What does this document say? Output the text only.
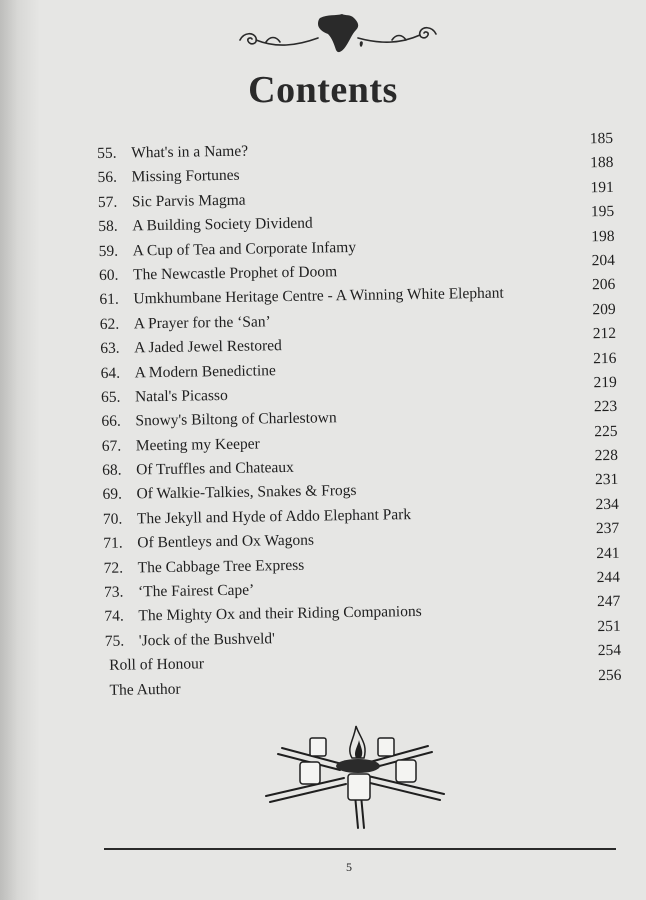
Contents
55. What's in a Name?
185
56. Missing Fortunes
188
57. Sic Parvis Magma
191
58. A Building Society Dividend
195
59. A Cup of Tea and Corporate Infamy
198
60. The Newcastle Prophet of Doom
204
61. Umkhumbane Heritage Centre - A Winning White Elephant
206
62. A Prayer for the ‘San’
209
63. A Jaded Jewel Restored
212
64. A Modern Benedictine
216
65. Natal's Picasso
219
66. Snowy's Biltong of Charlestown
223
67. Meeting my Keeper
225
68. Of Truffles and Chateaux
228
69. Of Walkie-Talkies, Snakes & Frogs
231
70. The Jekyll and Hyde of Addo Elephant Park
234
71. Of Bentleys and Ox Wagons
237
72. The Cabbage Tree Express
241
73. ‘The Fairest Cape’
244
74. The Mighty Ox and their Riding Companions
247
75. 'Jock of the Bushveld'
251
Roll of Honour
254
The Author
256
5
